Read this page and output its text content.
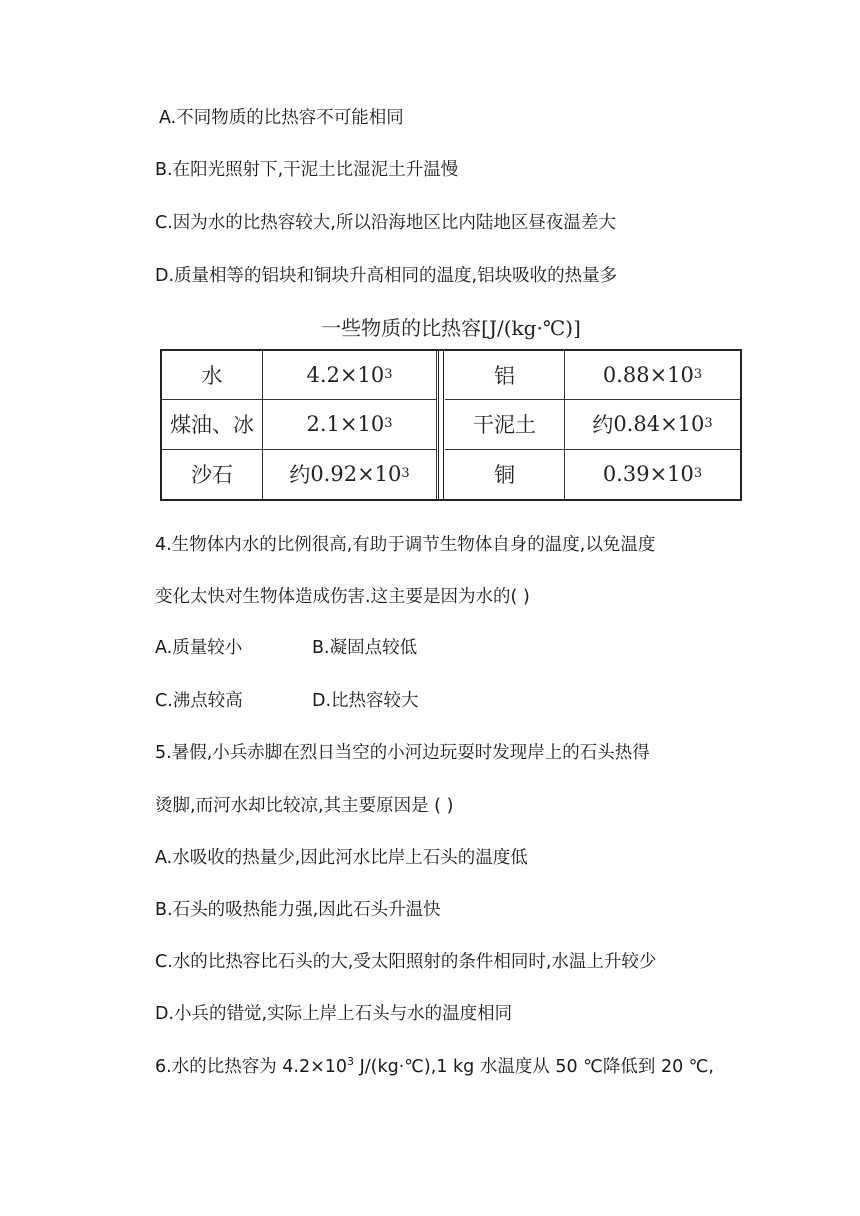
A.不同物质的比热容不可能相同
B.在阳光照射下,干泥土比湿泥土升温慢
C.因为水的比热容较大,所以沿海地区比内陆地区昼夜温差大
D.质量相等的铝块和铜块升高相同的温度,铝块吸收的热量多
一些物质的比热容[J/(kg·℃)]
水	4.2×10 3	铝	0.88×10 3
煤油、冰	2.1×10 3	干泥土	约 0.84×10 3
沙石	约 0.92×10 3	铜	0.39×10 3
4.生物体内水的比例很高,有助于调节生物体自身的温度,以免温度
变化太快对生物体造成伤害.这主要是因为水的( )
A.质量较小	B.凝固点较低
C.沸点较高	D.比热容较大
5.暑假,小兵赤脚在烈日当空的小河边玩耍时发现岸上的石头热得
烫脚,而河水却比较凉,其主要原因是 ( )
A.水吸收的热量少,因此河水比岸上石头的温度低
B.石头的吸热能力强,因此石头升温快
C.水的比热容比石头的大,受太阳照射的条件相同时,水温上升较少
D.小兵的错觉,实际上岸上石头与水的温度相同
6.水的比热容为 $4.2\times 10^3$ J/(kg·℃),1 kg 水温度从 50 ℃降低到 20 ℃,
